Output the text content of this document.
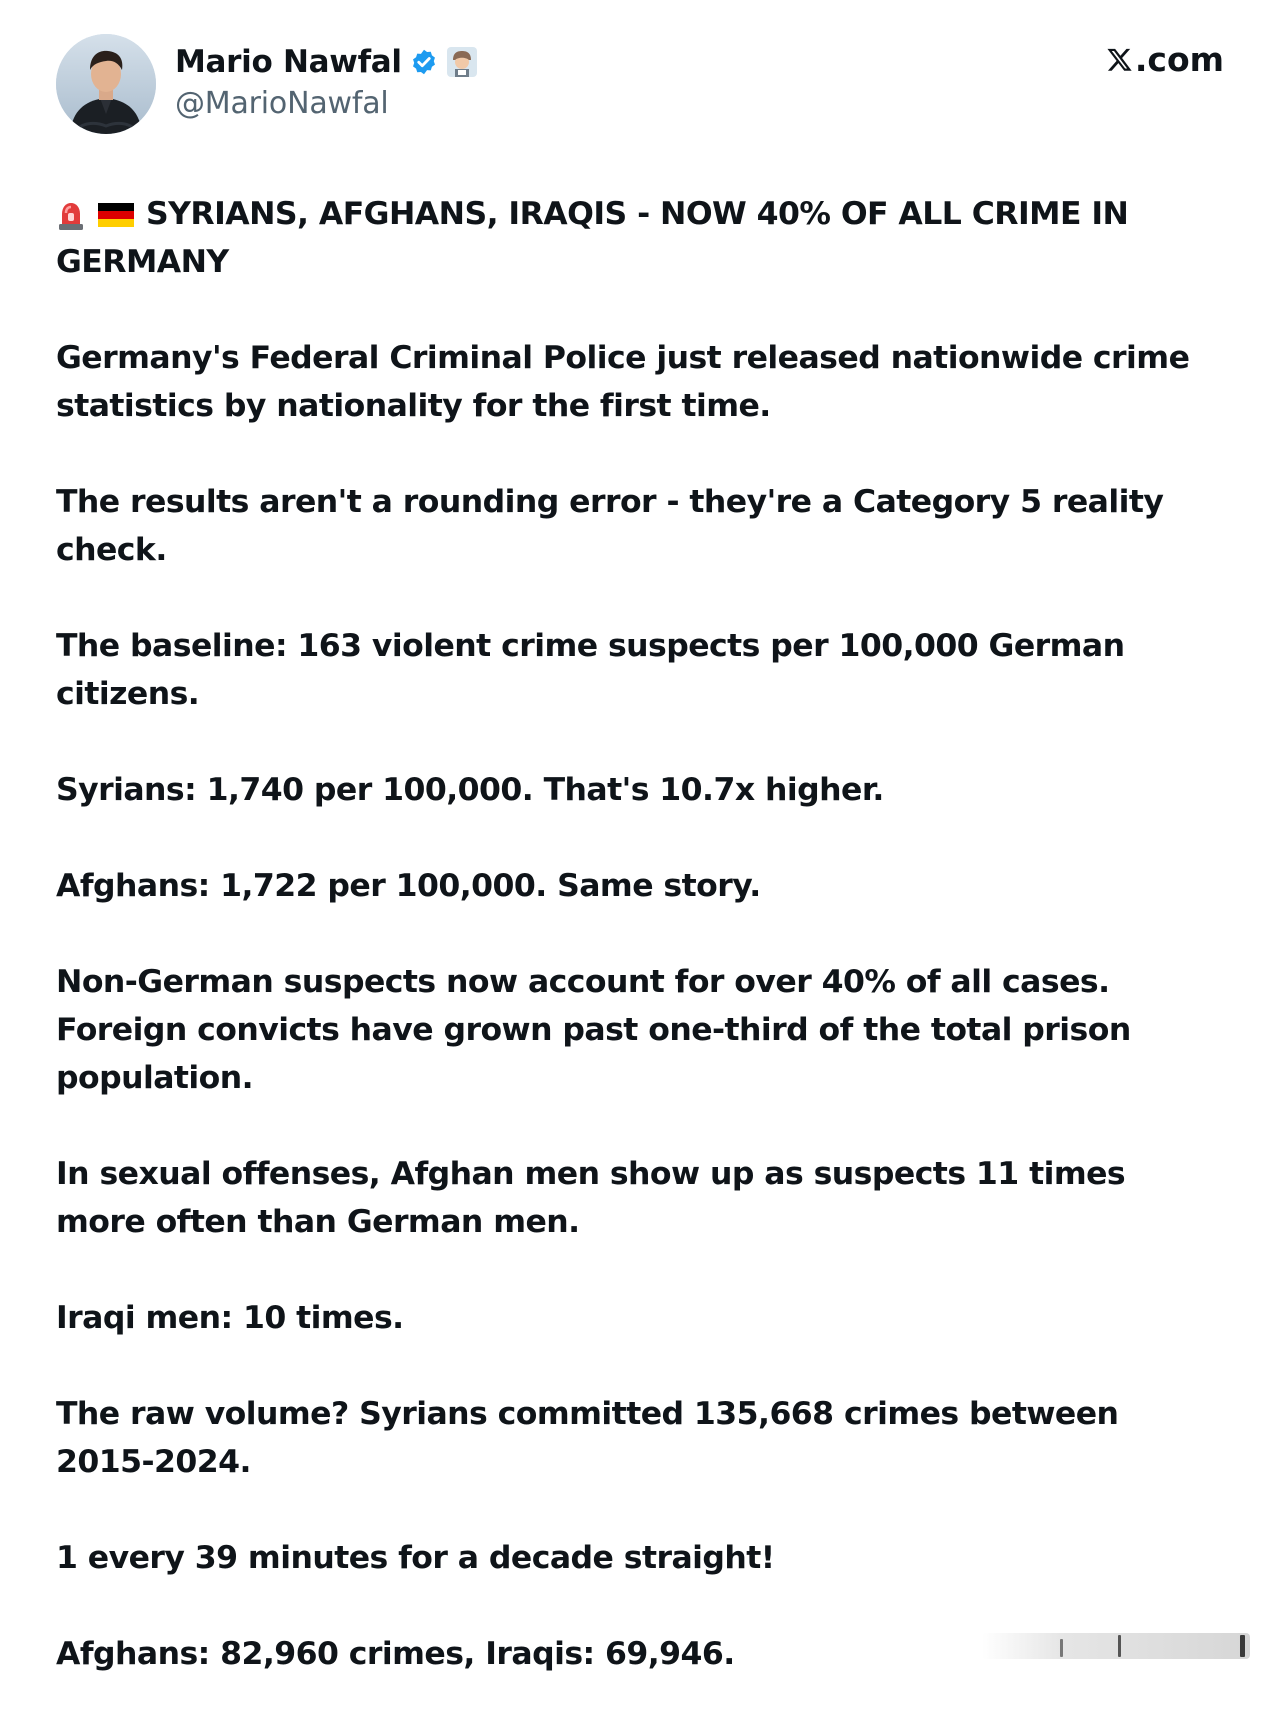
Mario Nawfal
@MarioNawfal
.com
SYRIANS, AFGHANS, IRAQIS - NOW 40% OF ALL CRIME IN GERMANY

Germany's Federal Criminal Police just released nationwide crime statistics by nationality for the first time.

The results aren't a rounding error - they're a Category 5 reality check.

The baseline: 163 violent crime suspects per 100,000 German citizens.

Syrians: 1,740 per 100,000. That's 10.7x higher.

Afghans: 1,722 per 100,000. Same story.

Non-German suspects now account for over 40% of all cases. Foreign convicts have grown past one-third of the total prison population.

In sexual offenses, Afghan men show up as suspects 11 times more often than German men.

Iraqi men: 10 times.

The raw volume? Syrians committed 135,668 crimes between 2015-2024.

1 every 39 minutes for a decade straight!

Afghans: 82,960 crimes, Iraqis: 69,946.
